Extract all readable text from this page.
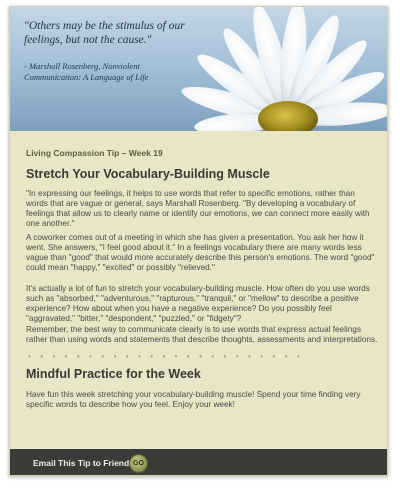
"Others may be the stimulus of our feelings, but not the cause."
- Marshall Rosenberg, Nonviolent
Communication: A Language of Life
Living Compassion Tip – Week 19
Stretch Your Vocabulary-Building Muscle
"In expressing our feelings, it helps to use words that refer to specific emotions, rather than words that are vague or general, says Marshall Rosenberg. "By developing a vocabulary of feelings that allow us to clearly name or identify our emotions, we can connect more easily with one another."
A coworker comes out of a meeting in which she has given a presentation. You ask her how it went. She answers, "I feel good about it." In a feelings vocabulary there are many words less vague than "good" that would more accurately describe this person's emotions. The word "good" could mean "happy," "excited" or possibly "relieved."
It's actually a lot of fun to stretch your vocabulary-building muscle. How often do you use words such as "absorbed," "adventurous," "rapturous," "tranquil," or "mellow" to describe a positive experience? How about when you have a negative experience? Do you possibly feel "aggravated," "bitter," "despondent," "puzzled," or "fidgety"?
Remember, the best way to communicate clearly is to use words that express actual feelings rather than using words and statements that describe thoughts, assessments and interpretations.
• • • • • • • • • • • • • • • • • • • • • • •
Mindful Practice for the Week
Have fun this week stretching your vocabulary-building muscle! Spend your time finding very specific words to describe how you feel. Enjoy your week!
Email This Tip to Friend GO
